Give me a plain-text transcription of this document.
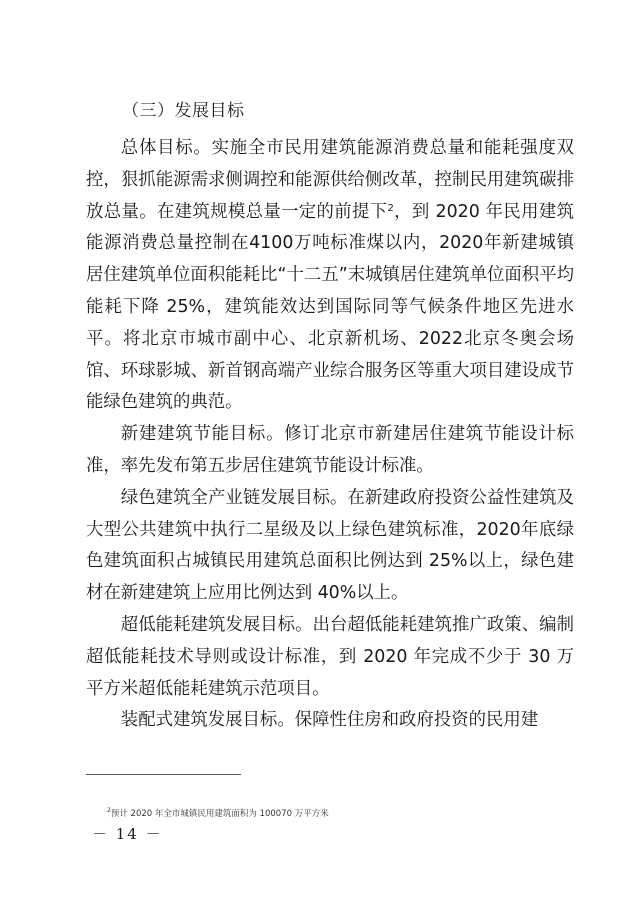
（三）发展目标

总体目标。实施全市民用建筑能源消费总量和能耗强度双控，狠抓能源需求侧调控和能源供给侧改革，控制民用建筑碳排放总量。在建筑规模总量一定的前提下$^2$，到 2020 年民用建筑能源消费总量控制在4100万吨标准煤以内，2020年新建城镇居住建筑单位面积能耗比“十二五”末城镇居住建筑单位面积平均能耗下降 25%，建筑能效达到国际同等气候条件地区先进水平。将北京市城市副中心、北京新机场、2022北京冬奥会场馆、环球影城、新首钢高端产业综合服务区等重大项目建设成节能绿色建筑的典范。

新建建筑节能目标。修订北京市新建居住建筑节能设计标准，率先发布第五步居住建筑节能设计标准。

绿色建筑全产业链发展目标。在新建政府投资公益性建筑及大型公共建筑中执行二星级及以上绿色建筑标准，2020年底绿色建筑面积占城镇民用建筑总面积比例达到 25%以上，绿色建材在新建建筑上应用比例达到 40%以上。

超低能耗建筑发展目标。出台超低能耗建筑推广政策、编制超低能耗技术导则或设计标准，到 2020 年完成不少于 30 万平方米超低能耗建筑示范项目。

装配式建筑发展目标。保障性住房和政府投资的民用建

$^2$预计 2020 年全市城镇民用建筑面积为 100070 万平方米
－ 14 －
